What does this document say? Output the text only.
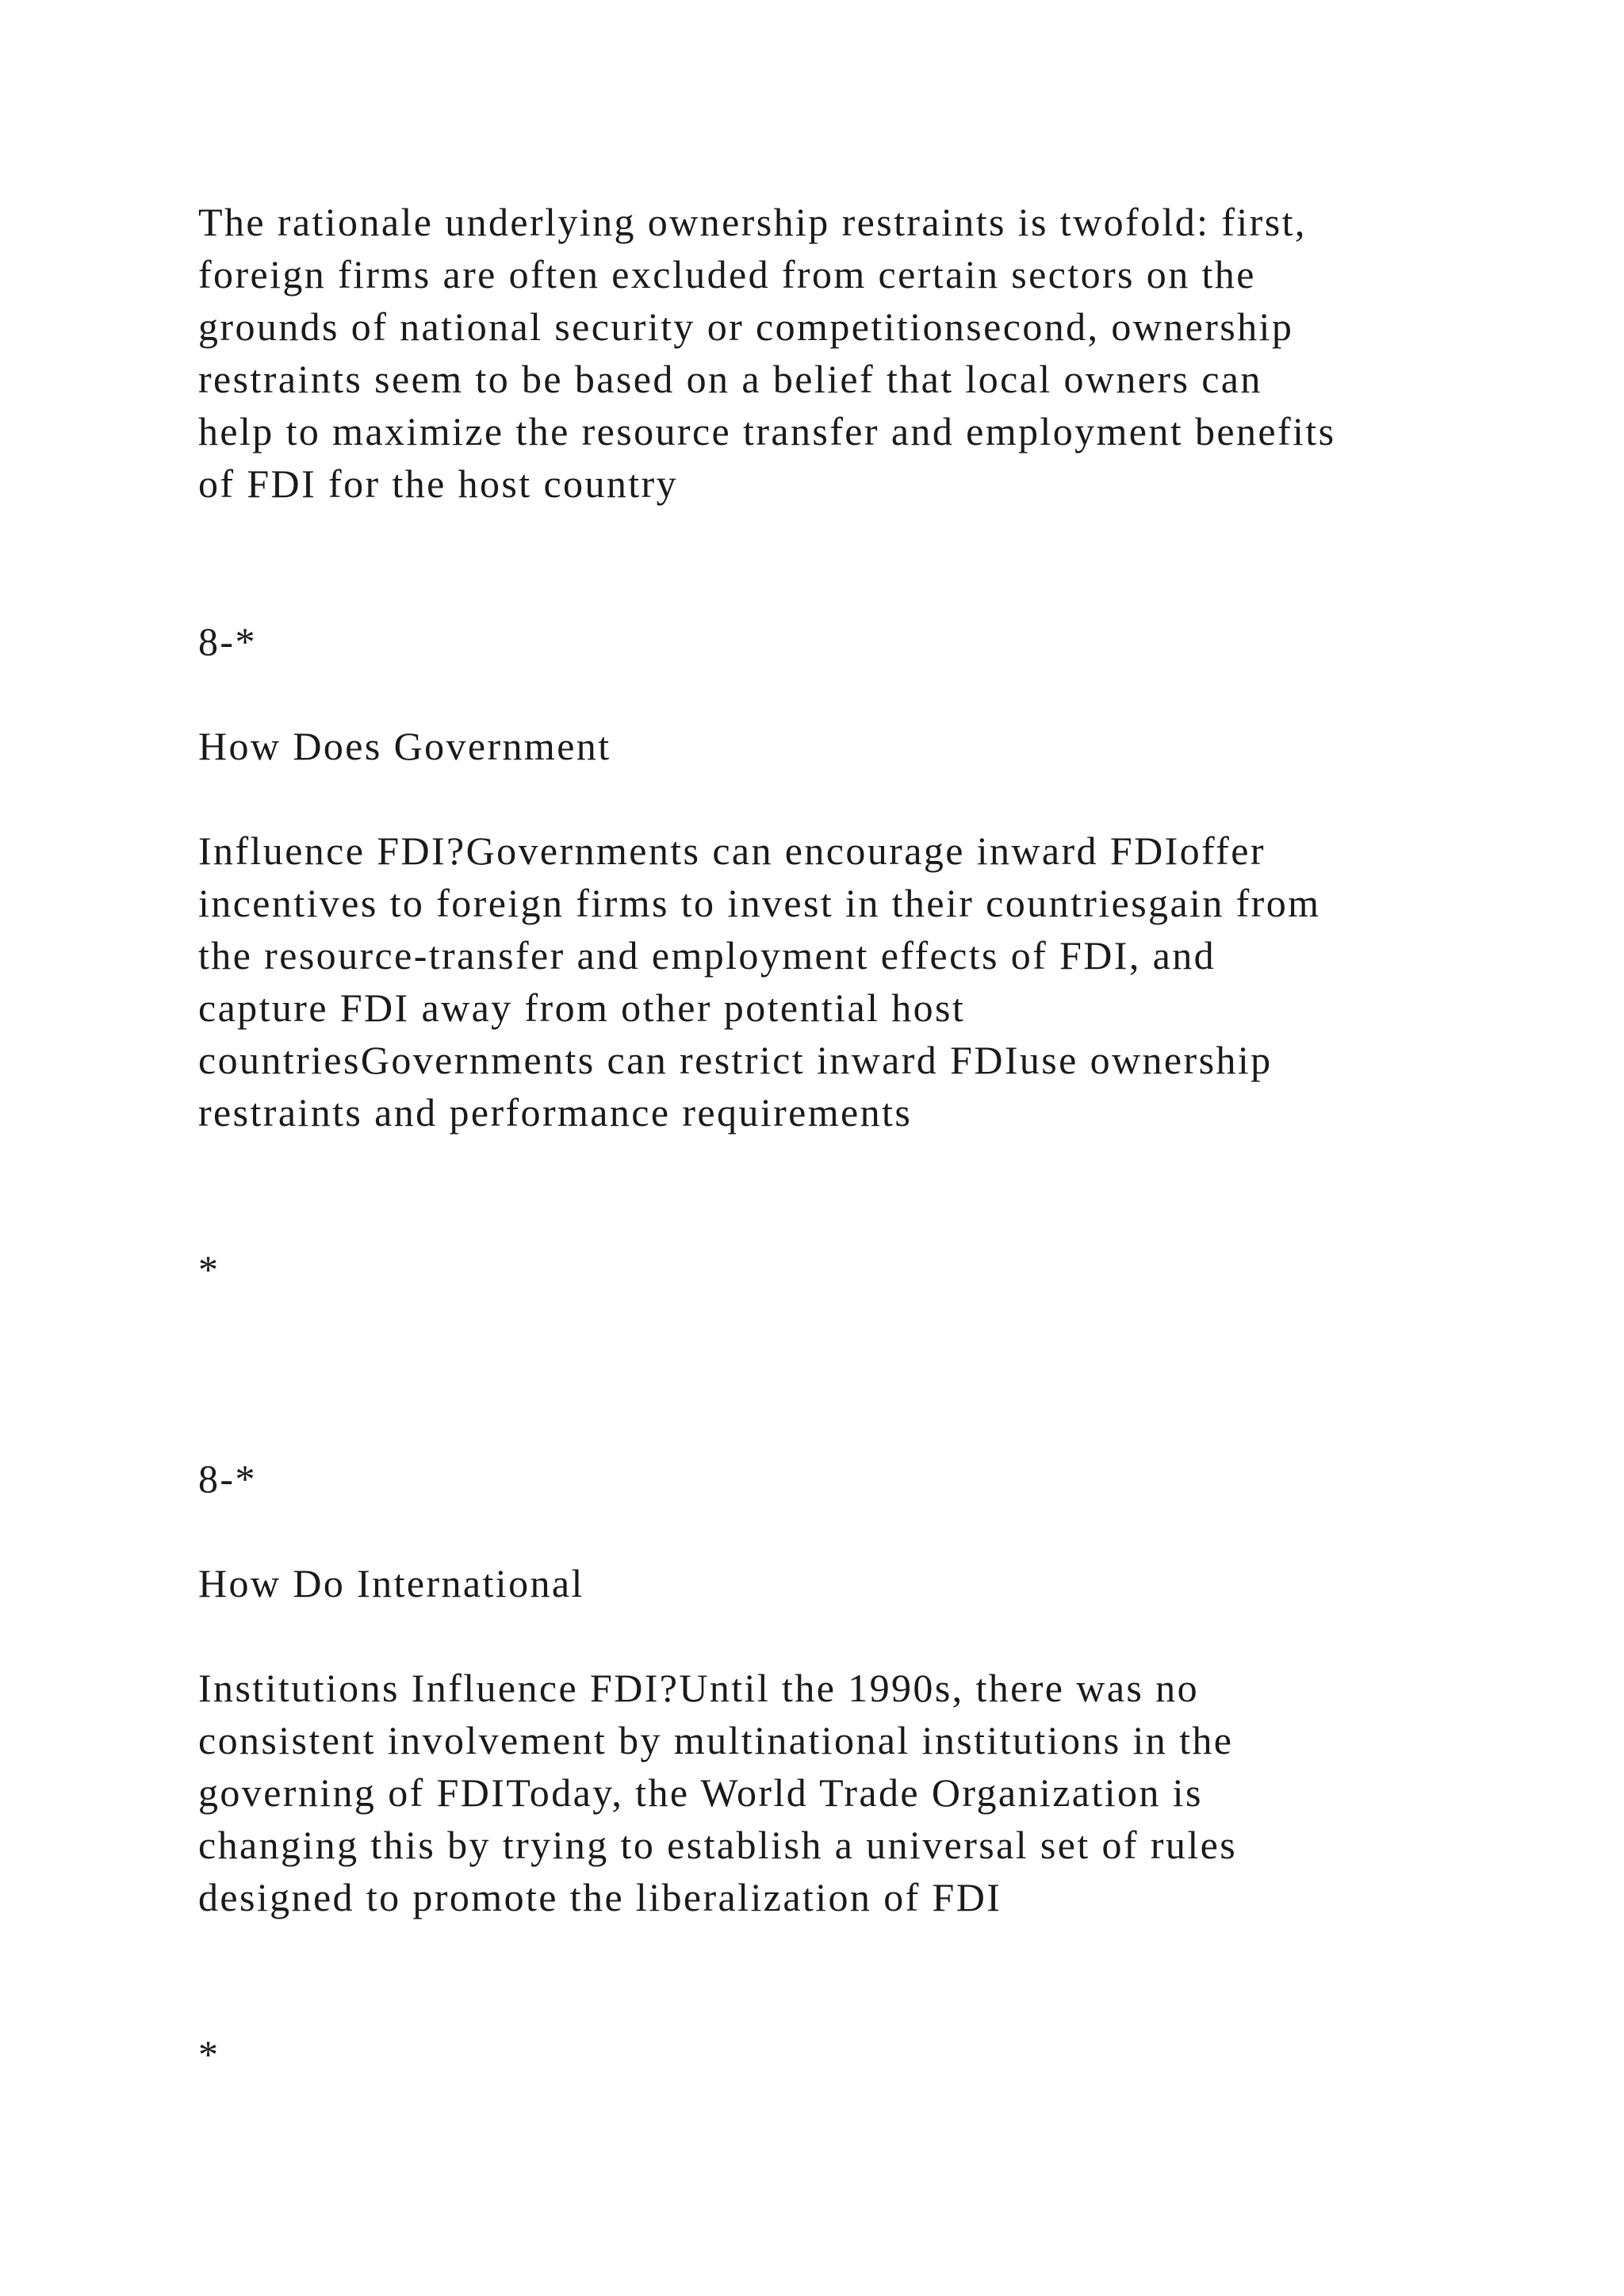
The rationale underlying ownership restraints is twofold: first,

foreign firms are often excluded from certain sectors on the

grounds of national security or competitionsecond, ownership

restraints seem to be based on a belief that local owners can

help to maximize the resource transfer and employment benefits

of FDI for the host country

8-*

How Does Government

Influence FDI?Governments can encourage inward FDIoffer

incentives to foreign firms to invest in their countriesgain from

the resource-transfer and employment effects of FDI, and

capture FDI away from other potential host

countriesGovernments can restrict inward FDIuse ownership

restraints and performance requirements

*

8-*

How Do International

Institutions Influence FDI?Until the 1990s, there was no

consistent involvement by multinational institutions in the

governing of FDIToday, the World Trade Organization is

changing this by trying to establish a universal set of rules

designed to promote the liberalization of FDI

*
